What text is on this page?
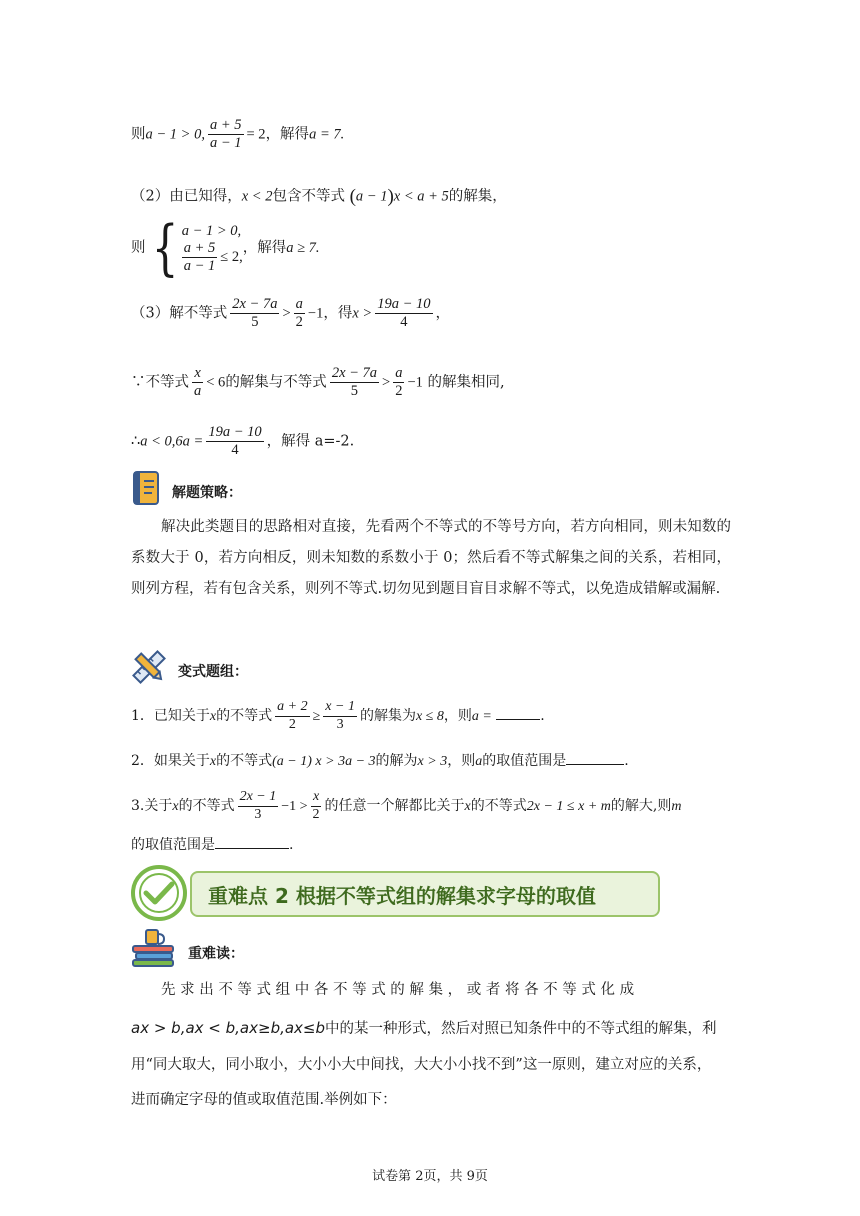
则a − 1 > 0, $\frac{a + 5}{a - 1} = 2$，解得a = 7.
（2）由已知得，x < 2包含不等式 (a − 1)x < a + 5的解集，
则 { a − 1 > 0,
$\frac{a + 5}{a - 1} \le 2$,
，解得a ≥ 7.
（3）解不等式 $\frac{2x - 7a}{5} > \frac{a}{2} -1$，得$x > \frac{19a - 10}{4}$ ，
∵不等式 $\frac{x}{a} < 6$的解集与不等式 $\frac{2x - 7a}{5} > \frac{a}{2} -1$ 的解集相同,
∴a < $0,6a = \frac{19a - 10}{4}$ ，解得 a=-2.
解题策略：
解决此类题目的思路相对直接，先看两个不等式的不等号方向，若方向相同，则未知数的系数大于 0，若方向相反，则未知数的系数小于 0；然后看不等式解集之间的关系，若相同，则列方程，若有包含关系，则列不等式.切勿见到题目盲目求解不等式，以免造成错解或漏解.
变式题组：
1．已知关于x的不等式 $\frac{a + 2}{2} \ge \frac{x - 1}{3}$ 的解集为x ≤ 8，则a =	.
2．如果关于x的不等式(a − 1) x > 3a − 3的解为x > 3，则a的取值范围是	.
3.关于x的不等式 $\frac{2x - 1}{3} -1 > \frac{x}{2}$ 的任意一个解都比关于x的不等式2x − 1 ≤ x + m的解大,则m
的取值范围是	.
重难点 2 根据不等式组的解集求字母的取值
重难读：
先 求 出 不 等 式 组 中 各 不 等 式 的 解 集 ， 或 者 将 各 不 等 式 化 成
ax > b,ax < b,ax≥b,ax≤b中的某一种形式，然后对照已知条件中的不等式组的解集，利
用“同大取大，同小取小，大小小大中间找，大大小小找不到”这一原则，建立对应的关系，
进而确定字母的值或取值范围.举例如下：
试卷第 2页，共 9页
